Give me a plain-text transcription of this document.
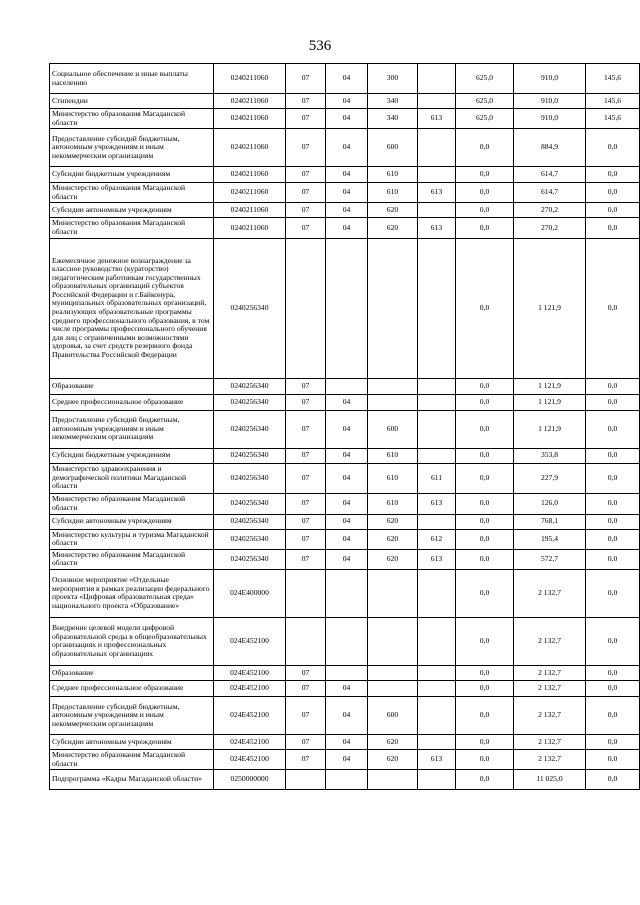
536
Социальное обеспечение и иные выплаты населению	0240211060	07	04	300		625,0	910,0	145,6
Стипендии	0240211060	07	04	340		625,0	910,0	145,6
Министерство образования Магаданской области	0240211060	07	04	340	613	625,0	910,0	145,6
Предоставление субсидий бюджетным, автономным учреждениям и иным некоммерческим организациям	0240211060	07	04	600		0,0	884,9	0,0
Субсидии бюджетным учреждениям	0240211060	07	04	610		0,0	614,7	0,0
Министерство образования Магаданской области	0240211060	07	04	610	613	0,0	614,7	0,0
Субсидии автономным учреждениям	0240211060	07	04	620		0,0	270,2	0,0
Министерство образования Магаданской области	0240211060	07	04	620	613	0,0	270,2	0,0
Ежемесячное денежное вознаграждение за классное руководство (кураторство) педагогическим работникам государственных образовательных организаций субъектов Российской Федерации и г.Байконура, муниципальных образовательных организаций, реализующих образовательные программы среднего профессионального образования, в том числе программы профессионального обучения для лиц с ограниченными возможностями здоровья, за счет средств резервного фонда Правительства Российской Федерации	0240256340					0,0	1 121,9	0,0
Образование	0240256340	07				0,0	1 121,9	0,0
Среднее профессиональное образование	0240256340	07	04			0,0	1 121,9	0,0
Предоставление субсидий бюджетным, автономным учреждениям и иным некоммерческим организациям	0240256340	07	04	600		0,0	1 121,9	0,0
Субсидии бюджетным учреждениям	0240256340	07	04	610		0,0	353,8	0,0
Министерство здравоохранения и демографической политики Магаданской области	0240256340	07	04	610	611	0,0	227,9	0,0
Министерство образования Магаданской области	0240256340	07	04	610	613	0,0	126,0	0,0
Субсидии автономным учреждениям	0240256340	07	04	620		0,0	768,1	0,0
Министерство культуры и туризма Магаданской области	0240256340	07	04	620	612	0,0	195,4	0,0
Министерство образования Магаданской области	0240256340	07	04	620	613	0,0	572,7	0,0
Основное мероприятие «Отдельные мероприятия в рамках реализации федерального проекта «Цифровая образовательная среда» национального проекта «Образование»	024E400000					0,0	2 132,7	0,0
Внедрение целевой модели цифровой образовательной среды в общеобразовательных организациях и профессиональных образовательных организациях	024E452100					0,0	2 132,7	0,0
Образование	024E452100	07				0,0	2 132,7	0,0
Среднее профессиональное образование	024E452100	07	04			0,0	2 132,7	0,0
Предоставление субсидий бюджетным, автономным учреждениям и иным некоммерческим организациям	024E452100	07	04	600		0,0	2 132,7	0,0
Субсидии автономным учреждениям	024E452100	07	04	620		0,0	2 132,7	0,0
Министерство образования Магаданской области	024E452100	07	04	620	613	0,0	2 132,7	0,0
Подпрограмма «Кадры Магаданской области»	0250000000					0,0	11 025,0	0,0
